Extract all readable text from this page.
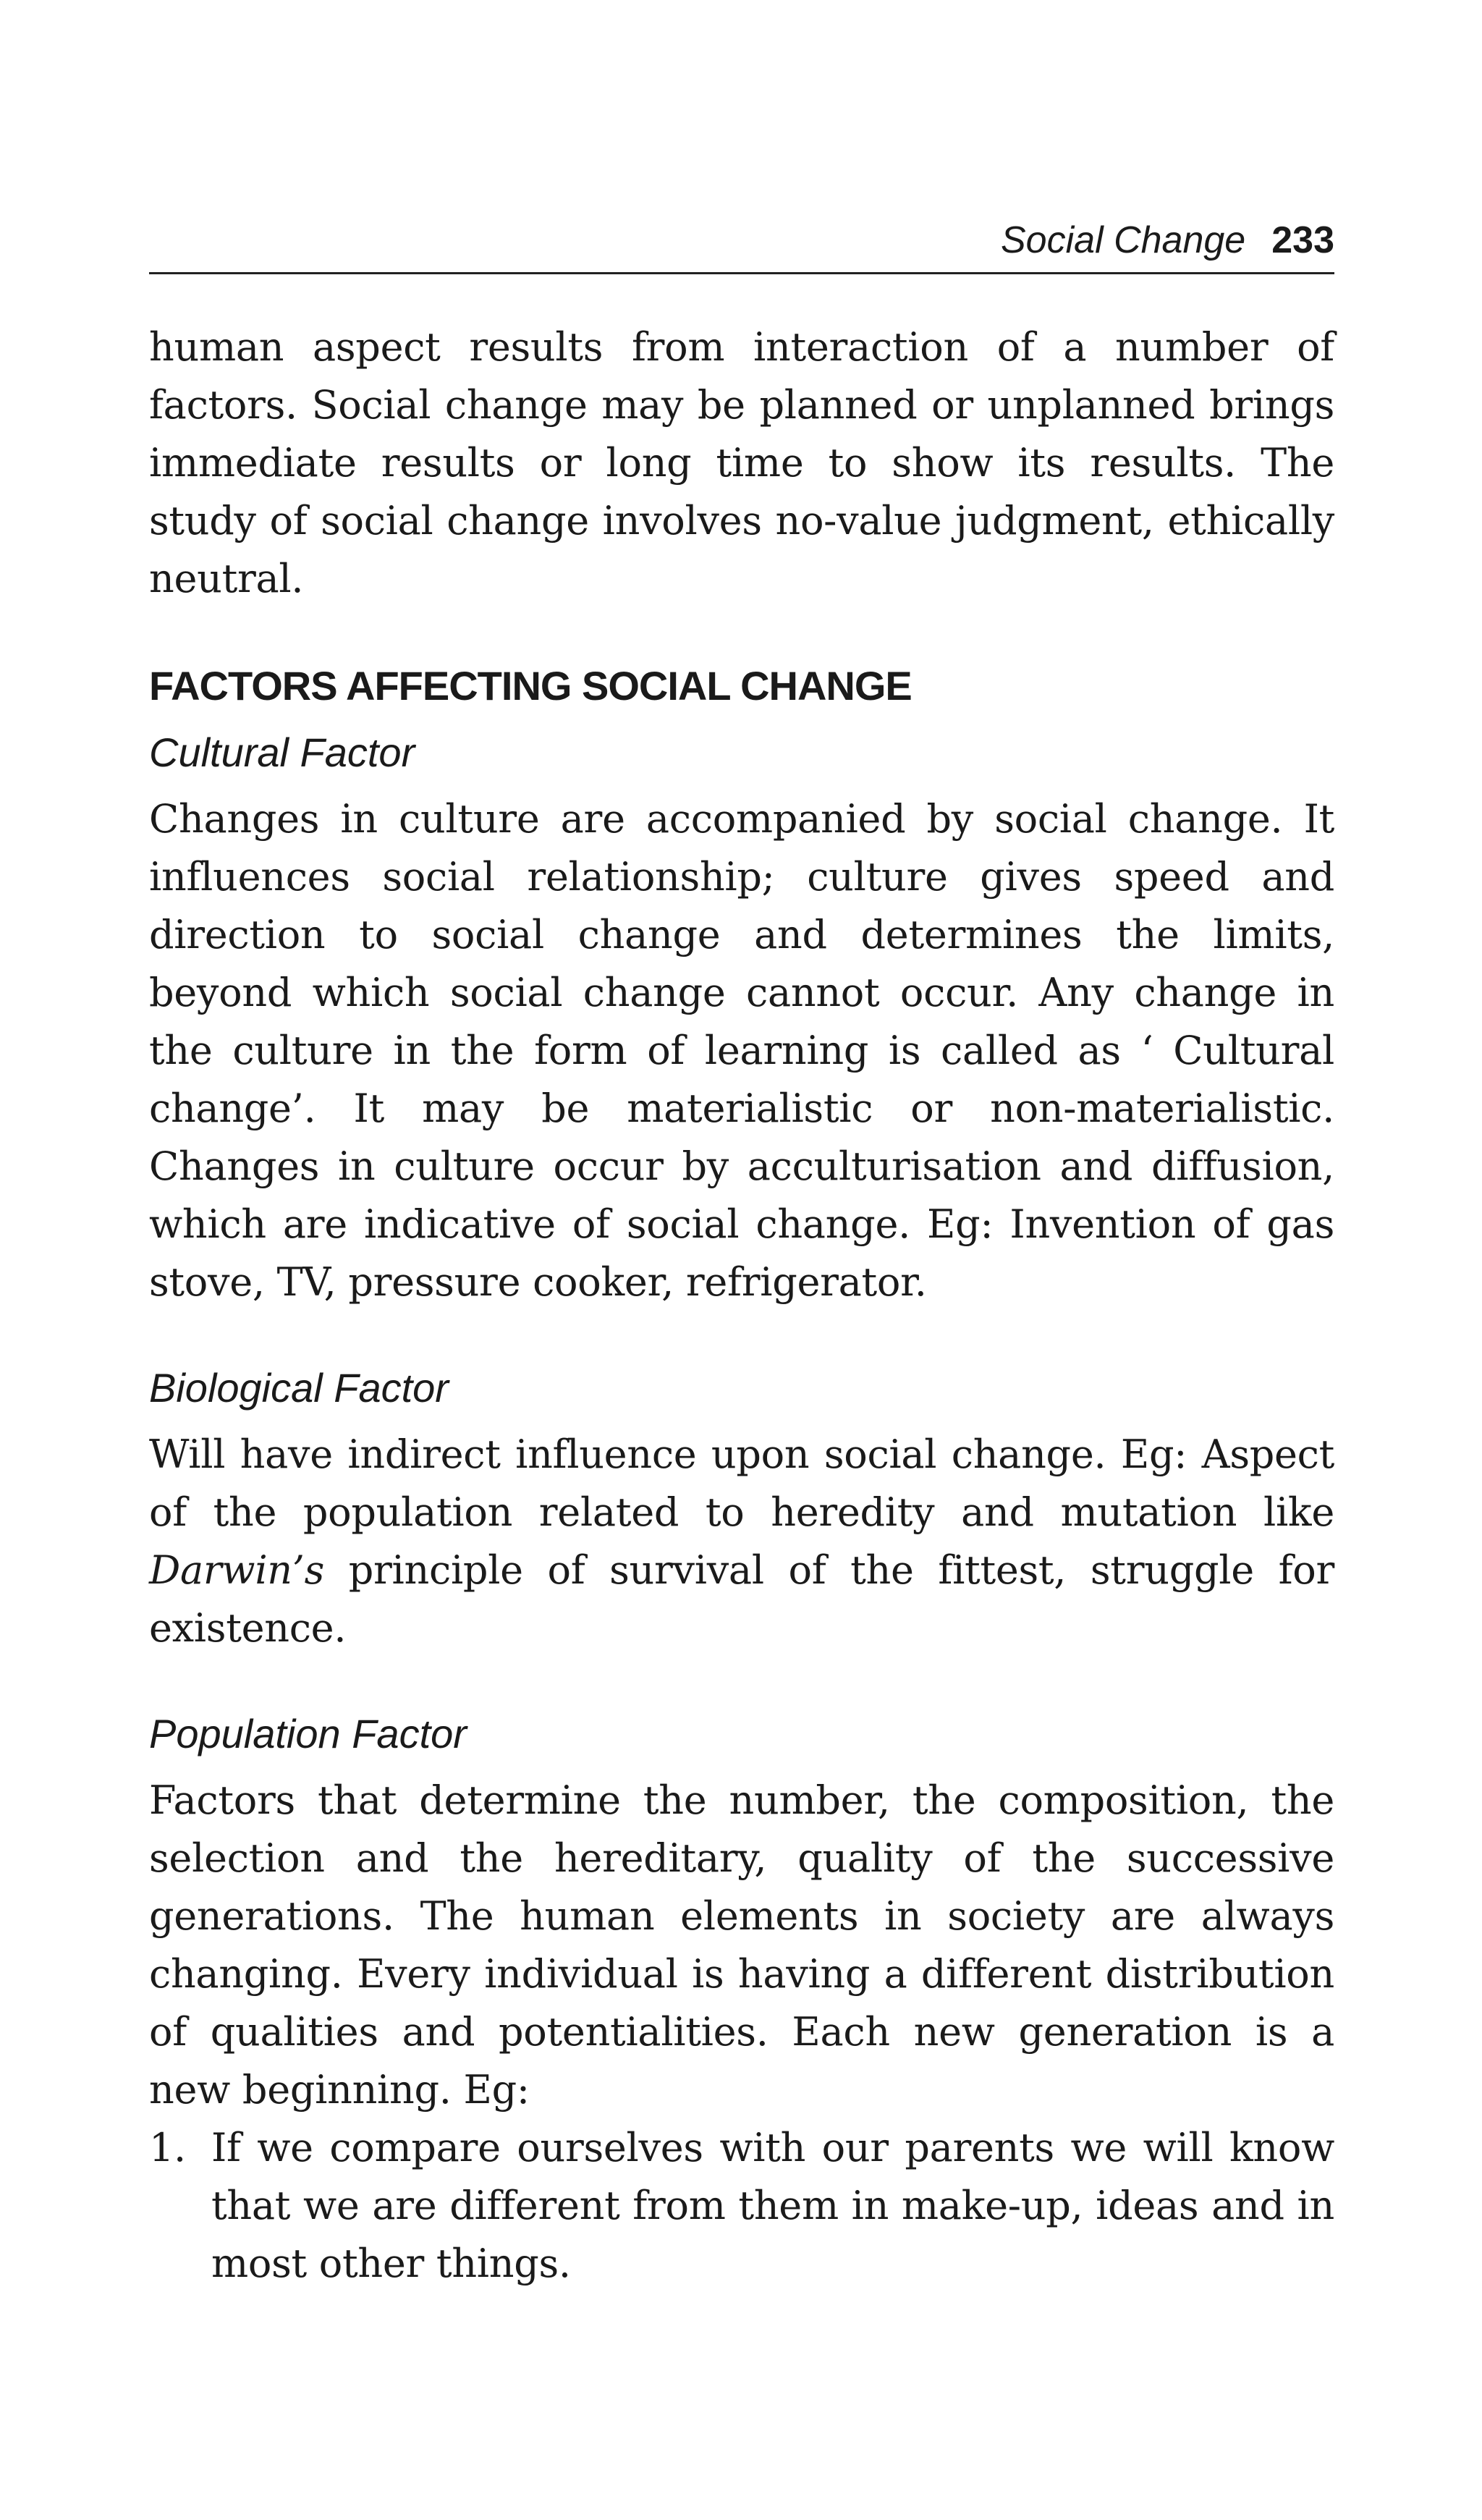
Social Change 233

human aspect results from interaction of a number of factors. Social change may be planned or unplanned brings immediate results or long time to show its results. The study of social change involves no-value judgment, ethically neutral.

FACTORS AFFECTING SOCIAL CHANGE
Cultural Factor

Changes in culture are accompanied by social change. It influences social relationship; culture gives speed and direction to social change and determines the limits, beyond which social change cannot occur. Any change in the culture in the form of learning is called as ‘ Cultural change’. It may be materialistic or non-materialistic. Changes in culture occur by acculturisation and diffusion, which are indicative of social change. Eg: Invention of gas stove, TV, pressure cooker, refrigerator.

Biological Factor

Will have indirect influence upon social change. Eg: Aspect of the population related to heredity and mutation like Darwin’s principle of survival of the fittest, struggle for existence.

Population Factor

Factors that determine the number, the composition, the selection and the hereditary, quality of the successive generations. The human elements in society are always changing. Every individual is having a different distribution of qualities and potentialities. Each new generation is a new beginning. Eg:

1. If we compare ourselves with our parents we will know that we are different from them in make-up, ideas and in most other things.
